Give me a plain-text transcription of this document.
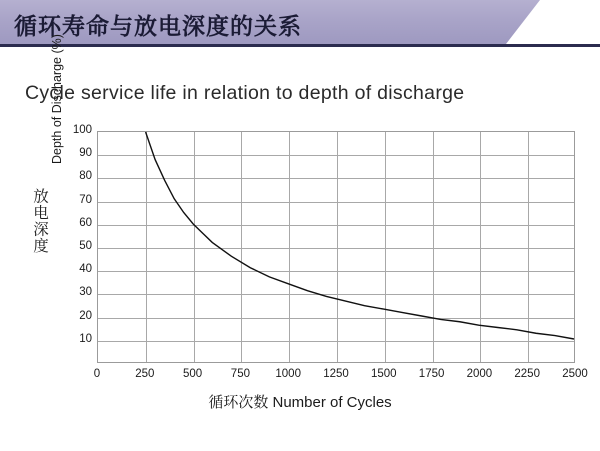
循环寿命与放电深度的关系
Cycle service life in relation to depth of discharge
放电深度
Depth of Discharge (%)
循环次数 Number of Cycles
10
20
30
40
50
60
70
80
90
100
0	250 500 750 1000 1250 1500 1750 2000 2250 2500
